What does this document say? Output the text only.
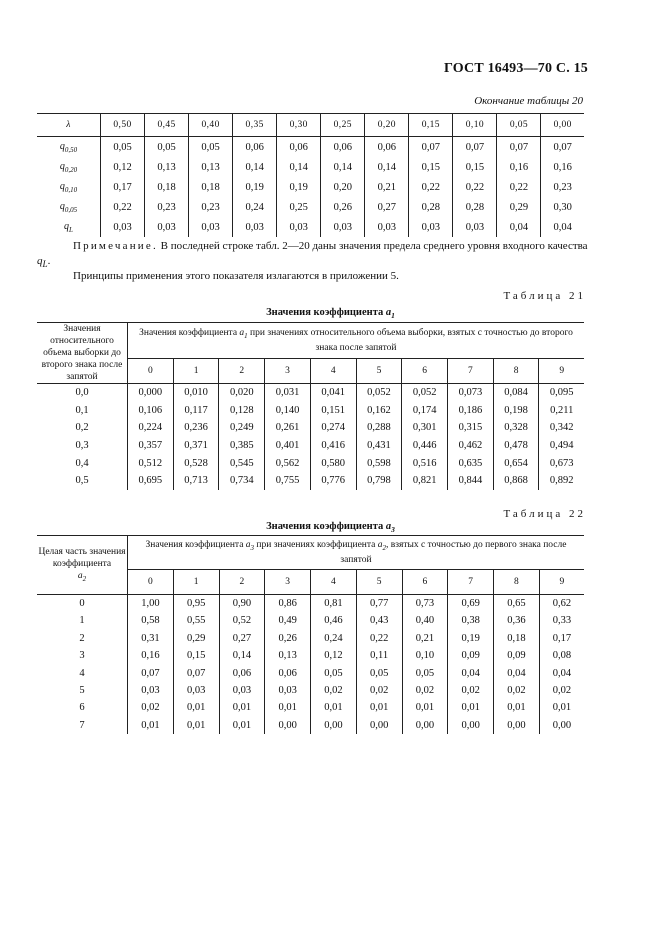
ГОСТ 16493—70 С. 15
Окончание таблицы 20
λ	0,50	0,45	0,40	0,35	0,30	0,25	0,20	0,15	0,10	0,05	0,00
$q_{0,50}$	0,05	0,05	0,05	0,06	0,06	0,06	0,06	0,07	0,07	0,07	0,07
$q_{0,20}$	0,12	0,13	0,13	0,14	0,14	0,14	0,14	0,15	0,15	0,16	0,16
$q_{0,10}$	0,17	0,18	0,18	0,19	0,19	0,20	0,21	0,22	0,22	0,22	0,23
$q_{0,05}$	0,22	0,23	0,23	0,24	0,25	0,26	0,27	0,28	0,28	0,29	0,30
$q_L$	0,03	0,03	0,03	0,03	0,03	0,03	0,03	0,03	0,03	0,04	0,04
Примечание. В последней строке табл. 2—20 даны значения предела среднего уровня входного качества $q_L$.
Принципы применения этого показателя излагаются в приложении 5.
Таблица 21
Значения коэффициента $a_1$
Значения относительного объема выборки до второго знака после запятой	Значения коэффициента $a_1$ при значениях относительного объема выборки, взятых с точностью до второго знака после запятой									
	0	1	2	3	4	5	6	7	8	9
0,0	0,000	0,010	0,020	0,031	0,041	0,052	0,052	0,073	0,084	0,095
0,1	0,106	0,117	0,128	0,140	0,151	0,162	0,174	0,186	0,198	0,211
0,2	0,224	0,236	0,249	0,261	0,274	0,288	0,301	0,315	0,328	0,342
0,3	0,357	0,371	0,385	0,401	0,416	0,431	0,446	0,462	0,478	0,494
0,4	0,512	0,528	0,545	0,562	0,580	0,598	0,516	0,635	0,654	0,673
0,5	0,695	0,713	0,734	0,755	0,776	0,798	0,821	0,844	0,868	0,892
Таблица 22
Значения коэффициента $a_3$
Целая часть значения коэффициента
$a_2$	Значения коэффициента $a_3$ при значениях коэффициента $a_2$, взятых с точностью до первого знака после запятой									
	0	1	2	3	4	5	6	7	8	9
0	1,00	0,95	0,90	0,86	0,81	0,77	0,73	0,69	0,65	0,62
1	0,58	0,55	0,52	0,49	0,46	0,43	0,40	0,38	0,36	0,33
2	0,31	0,29	0,27	0,26	0,24	0,22	0,21	0,19	0,18	0,17
3	0,16	0,15	0,14	0,13	0,12	0,11	0,10	0,09	0,09	0,08
4	0,07	0,07	0,06	0,06	0,05	0,05	0,05	0,04	0,04	0,04
5	0,03	0,03	0,03	0,03	0,02	0,02	0,02	0,02	0,02	0,02
6	0,02	0,01	0,01	0,01	0,01	0,01	0,01	0,01	0,01	0,01
7	0,01	0,01	0,01	0,00	0,00	0,00	0,00	0,00	0,00	0,00
